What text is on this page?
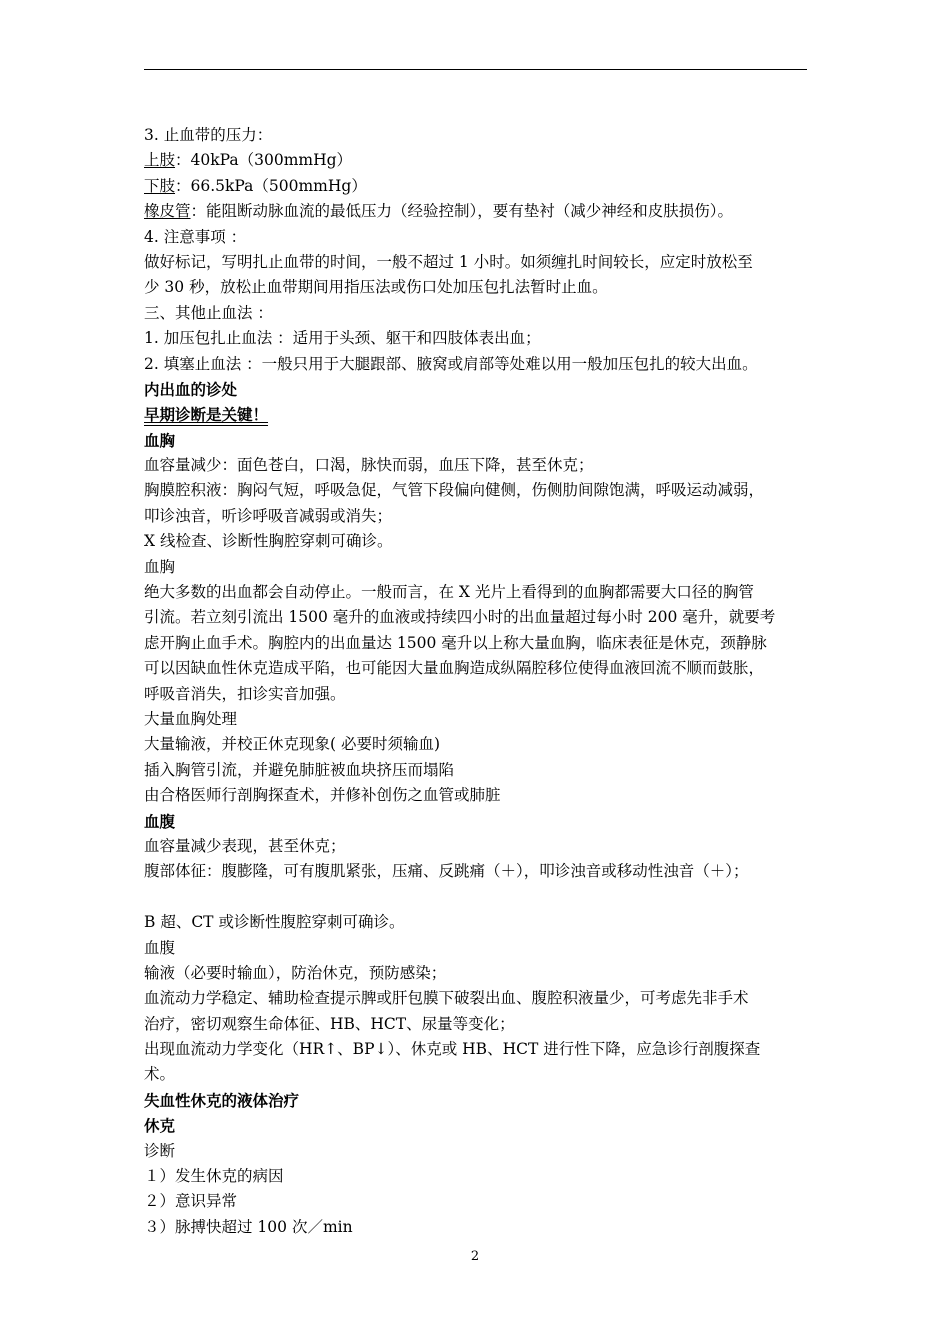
3. 止血带的压力：
上肢：40kPa（300mmHg）
下肢：66.5kPa（500mmHg）
橡皮管：能阻断动脉血流的最低压力（经验控制），要有垫衬（减少神经和皮肤损伤）。
4. 注意事项 ：
做好标记，写明扎止血带的时间，一般不超过 1 小时。如须缠扎时间较长，应定时放松至
少 30 秒，放松止血带期间用指压法或伤口处加压包扎法暂时止血。
三、其他止血法 ：
1. 加压包扎止血法 ：适用于头颈、躯干和四肢体表出血；
2. 填塞止血法 ：一般只用于大腿跟部、腋窝或肩部等处难以用一般加压包扎的较大出血。
内出血的诊处
早期诊断是关键！
血胸
血容量减少：面色苍白，口渴，脉快而弱，血压下降，甚至休克；
胸膜腔积液：胸闷气短，呼吸急促，气管下段偏向健侧，伤侧肋间隙饱满，呼吸运动减弱，
叩诊浊音，听诊呼吸音减弱或消失；
X 线检查、诊断性胸腔穿刺可确诊。
血胸
绝大多数的出血都会自动停止。一般而言，在 X 光片上看得到的血胸都需要大口径的胸管
引流。若立刻引流出 1500 毫升的血液或持续四小时的出血量超过每小时 200 毫升，就要考
虑开胸止血手术。胸腔内的出血量达 1500 毫升以上称大量血胸，临床表征是休克，颈静脉
可以因缺血性休克造成平陷，也可能因大量血胸造成纵隔腔移位使得血液回流不顺而鼓胀，
呼吸音消失，扣诊实音加强。
大量血胸处理
大量输液，并校正休克现象( 必要时须输血)
插入胸管引流，并避免肺脏被血块挤压而塌陷
由合格医师行剖胸探查术，并修补创伤之血管或肺脏
血腹
血容量减少表现，甚至休克；
腹部体征：腹膨隆，可有腹肌紧张，压痛、反跳痛（＋），叩诊浊音或移动性浊音（＋）；
B 超、CT 或诊断性腹腔穿刺可确诊。
血腹
输液（必要时输血），防治休克，预防感染；
血流动力学稳定、辅助检查提示脾或肝包膜下破裂出血、腹腔积液量少，可考虑先非手术
治疗，密切观察生命体征、HB、HCT、尿量等变化；
出现血流动力学变化（HR↑、BP↓）、休克或 HB、HCT 进行性下降，应急诊行剖腹探查
术。
失血性休克的液体治疗
休克
诊断
１）发生休克的病因
２）意识异常
３）脉搏快超过 100 次／min
2
